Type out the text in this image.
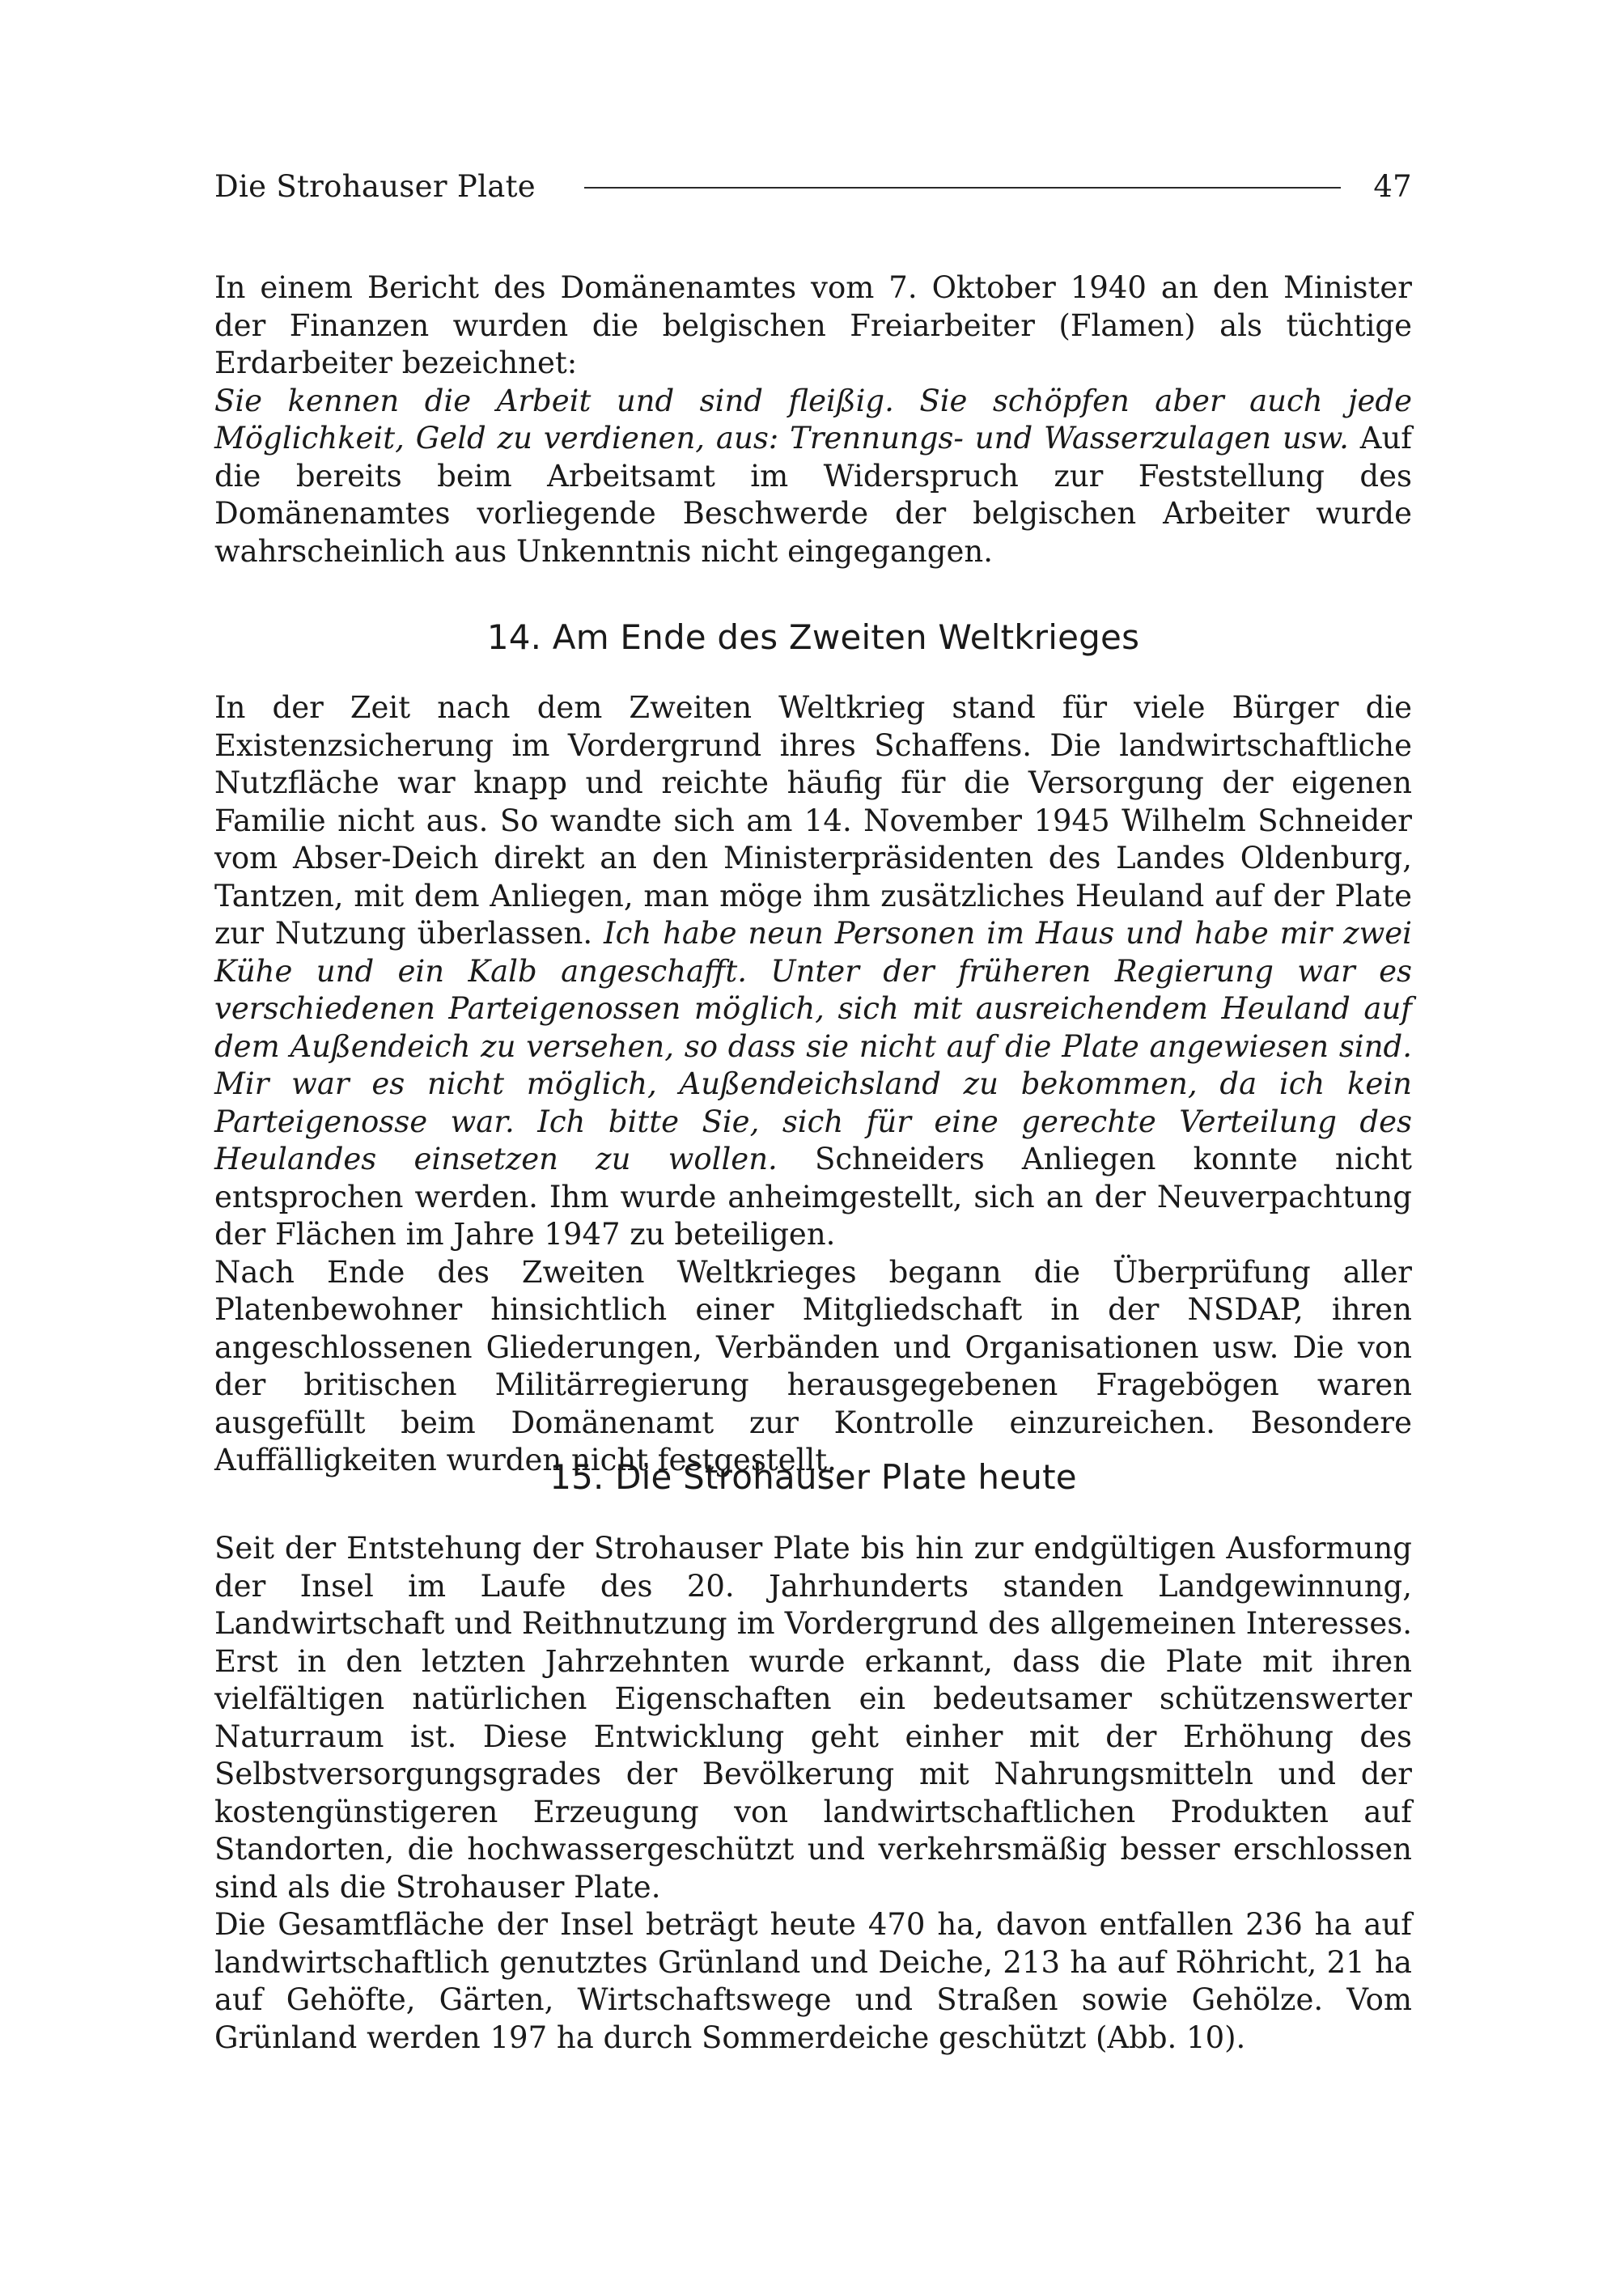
Die Strohauser Plate	47

In einem Bericht des Domänenamtes vom 7. Oktober 1940 an den Minister der Finanzen wurden die belgischen Freiarbeiter (Flamen) als tüchtige Erdarbeiter bezeichnet:

Sie kennen die Arbeit und sind fleißig. Sie schöpfen aber auch jede Möglichkeit, Geld zu verdienen, aus: Trennungs- und Wasserzulagen usw. Auf die bereits beim Arbeitsamt im Widerspruch zur Feststellung des Domänenamtes vorliegende Beschwerde der belgischen Arbeiter wurde wahrscheinlich aus Unkenntnis nicht eingegangen.

14. Am Ende des Zweiten Weltkrieges

In der Zeit nach dem Zweiten Weltkrieg stand für viele Bürger die Existenzsicherung im Vordergrund ihres Schaffens. Die landwirtschaftliche Nutzfläche war knapp und reichte häufig für die Versorgung der eigenen Familie nicht aus. So wandte sich am 14. November 1945 Wilhelm Schneider vom Abser-Deich direkt an den Ministerpräsidenten des Landes Oldenburg, Tantzen, mit dem Anliegen, man möge ihm zusätzliches Heuland auf der Plate zur Nutzung überlassen. Ich habe neun Personen im Haus und habe mir zwei Kühe und ein Kalb angeschafft. Unter der früheren Regierung war es verschiedenen Parteigenossen möglich, sich mit ausreichendem Heuland auf dem Außendeich zu versehen, so dass sie nicht auf die Plate angewiesen sind. Mir war es nicht möglich, Außendeichsland zu bekommen, da ich kein Parteigenosse war. Ich bitte Sie, sich für eine gerechte Verteilung des Heulandes einsetzen zu wollen. Schneiders Anliegen konnte nicht entsprochen werden. Ihm wurde anheimgestellt, sich an der Neuverpachtung der Flächen im Jahre 1947 zu beteiligen.

Nach Ende des Zweiten Weltkrieges begann die Überprüfung aller Platenbewohner hinsichtlich einer Mitgliedschaft in der NSDAP, ihren angeschlossenen Gliederungen, Verbänden und Organisationen usw. Die von der britischen Militärregierung herausgegebenen Fragebögen waren ausgefüllt beim Domänenamt zur Kontrolle einzureichen. Besondere Auffälligkeiten wurden nicht festgestellt.

15. Die Strohauser Plate heute

Seit der Entstehung der Strohauser Plate bis hin zur endgültigen Ausformung der Insel im Laufe des 20. Jahrhunderts standen Landgewinnung, Landwirtschaft und Reithnutzung im Vordergrund des allgemeinen Interesses. Erst in den letzten Jahrzehnten wurde erkannt, dass die Plate mit ihren vielfältigen natürlichen Eigenschaften ein bedeutsamer schützenswerter Naturraum ist. Diese Entwicklung geht einher mit der Erhöhung des Selbstversorgungsgrades der Bevölkerung mit Nahrungsmitteln und der kostengünstigeren Erzeugung von landwirtschaftlichen Produkten auf Standorten, die hochwassergeschützt und verkehrsmäßig besser erschlossen sind als die Strohauser Plate.

Die Gesamtfläche der Insel beträgt heute 470 ha, davon entfallen 236 ha auf landwirtschaftlich genutztes Grünland und Deiche, 213 ha auf Röhricht, 21 ha auf Gehöfte, Gärten, Wirtschaftswege und Straßen sowie Gehölze. Vom Grünland werden 197 ha durch Sommerdeiche geschützt (Abb. 10).
